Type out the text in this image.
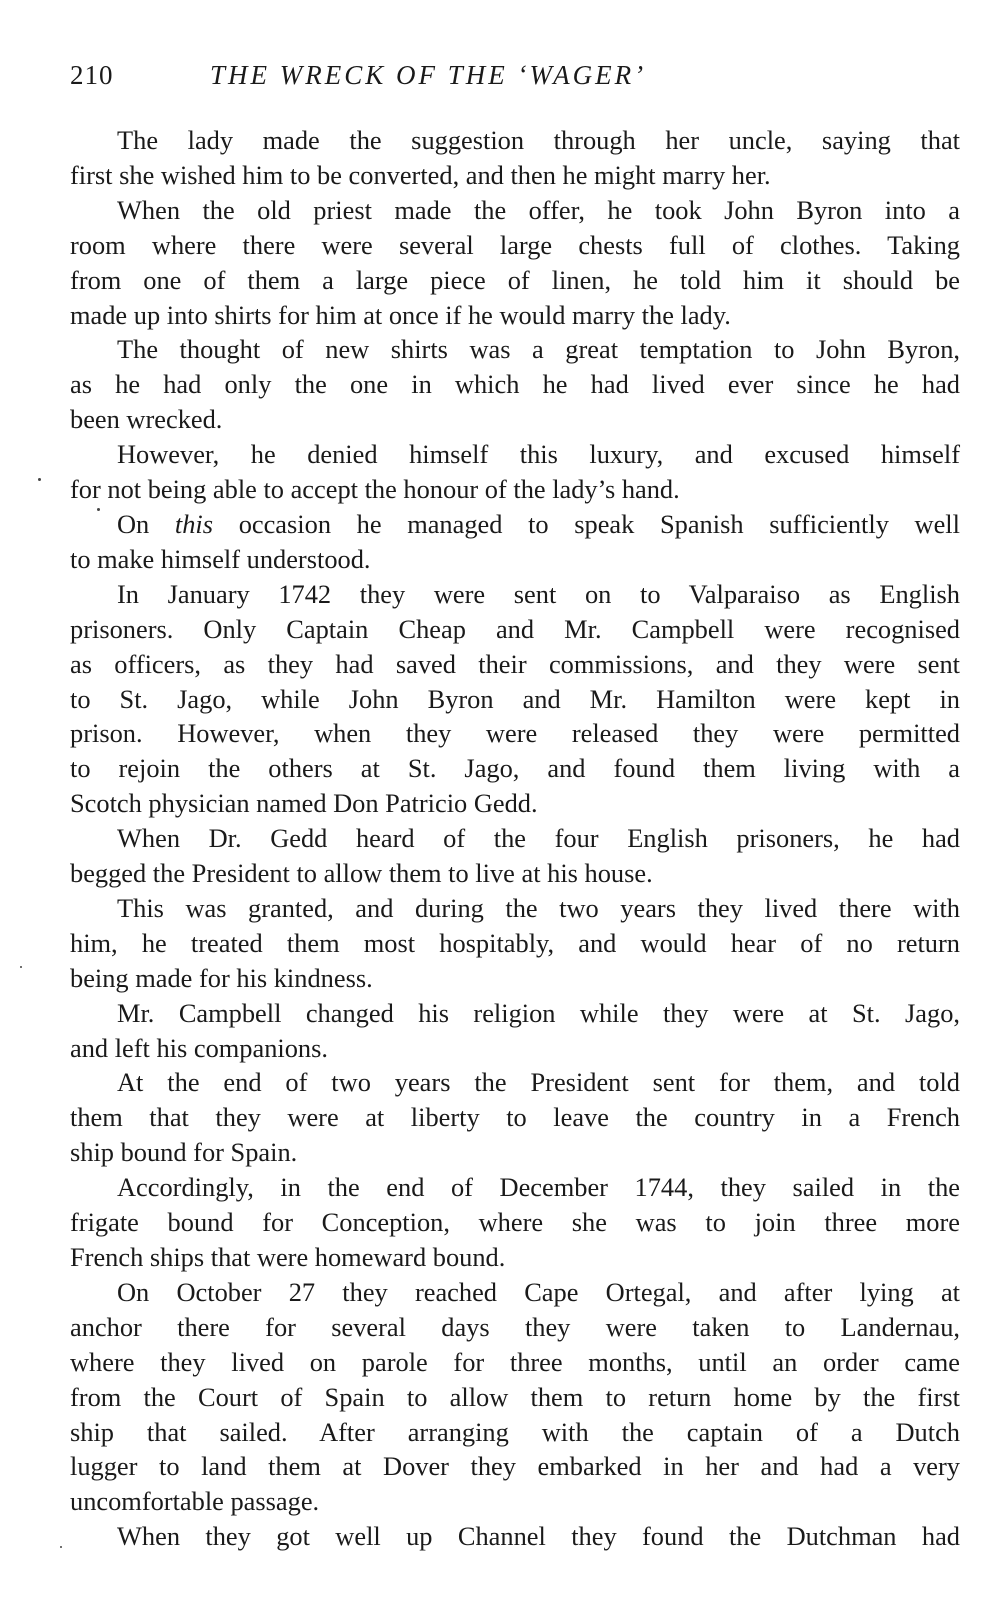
210	THE WRECK OF THE ‘WAGER’

The lady made the suggestion through her uncle, saying that
first she wished him to be converted, and then he might marry her.

When the old priest made the offer, he took John Byron into a
room where there were several large chests full of clothes. Taking
from one of them a large piece of linen, he told him it should be
made up into shirts for him at once if he would marry the lady.

The thought of new shirts was a great temptation to John Byron,
as he had only the one in which he had lived ever since he had
been wrecked.

However, he denied himself this luxury, and excused himself
for not being able to accept the honour of the lady’s hand.

On this occasion he managed to speak Spanish sufficiently well
to make himself understood.

In January 1742 they were sent on to Valparaiso as English
prisoners. Only Captain Cheap and Mr. Campbell were recognised
as officers, as they had saved their commissions, and they were sent
to St. Jago, while John Byron and Mr. Hamilton were kept in
prison. However, when they were released they were permitted
to rejoin the others at St. Jago, and found them living with a
Scotch physician named Don Patricio Gedd.

When Dr. Gedd heard of the four English prisoners, he had
begged the President to allow them to live at his house.

This was granted, and during the two years they lived there with
him, he treated them most hospitably, and would hear of no return
being made for his kindness.

Mr. Campbell changed his religion while they were at St. Jago,
and left his companions.

At the end of two years the President sent for them, and told
them that they were at liberty to leave the country in a French
ship bound for Spain.

Accordingly, in the end of December 1744, they sailed in the
frigate bound for Conception, where she was to join three more
French ships that were homeward bound.

On October 27 they reached Cape Ortegal, and after lying at
anchor there for several days they were taken to Landernau,
where they lived on parole for three months, until an order came
from the Court of Spain to allow them to return home by the first
ship that sailed. After arranging with the captain of a Dutch
lugger to land them at Dover they embarked in her and had a very
uncomfortable passage.

When they got well up Channel they found the Dutchman had
